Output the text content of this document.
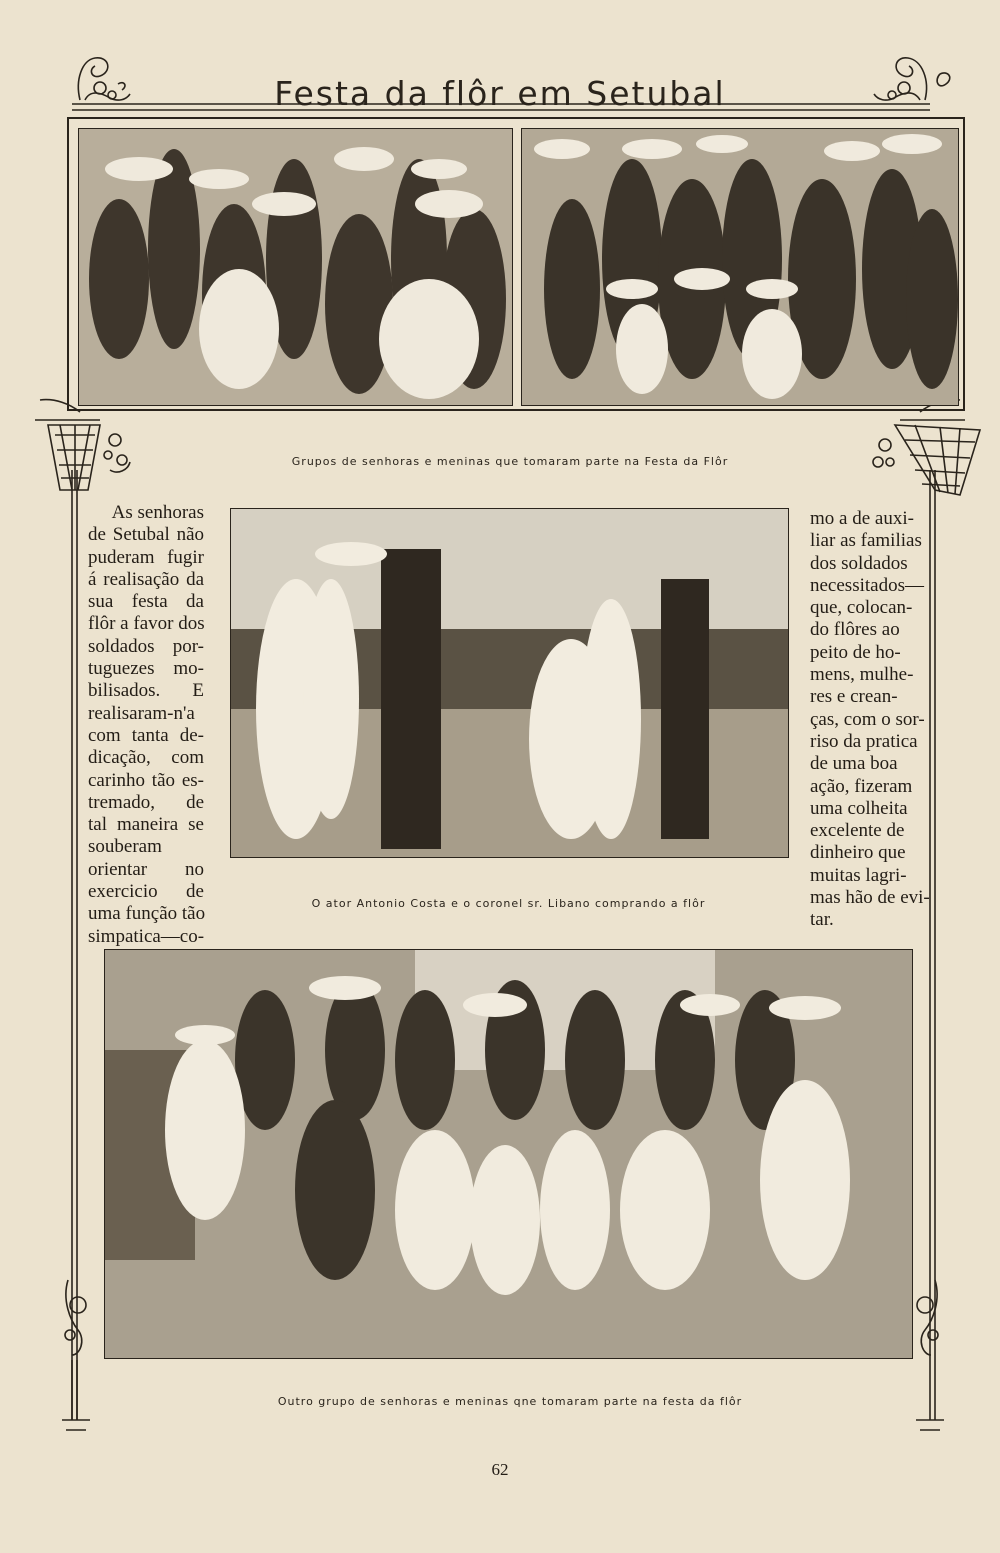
Festa da flôr em Setubal
Grupos de senhoras e meninas que tomaram parte na Festa da Flôr
As senhoras
de Setubal não
puderam fugir
á realisação da
sua festa da
flôr a favor dos
soldados por-
tuguezes mo-
bilisados. E
realisaram-n'a
com tanta de-
dicação, com
carinho tão es-
tremado, de
tal maneira se
souberam
orientar no
exercicio de
uma função tão
simpatica—co-
mo a de auxi-
liar as familias
dos soldados
necessitados—
que, colocan-
do flôres ao
peito de ho-
mens, mulhe-
res e crean-
ças, com o sor-
riso da pratica
de uma boa
ação, fizeram
uma colheita
excelente de
dinheiro que
muitas lagri-
mas hão de evi-
tar.
O ator Antonio Costa e o coronel sr. Libano comprando a flôr
Outro grupo de senhoras e meninas qne tomaram parte na festa da flôr
62
